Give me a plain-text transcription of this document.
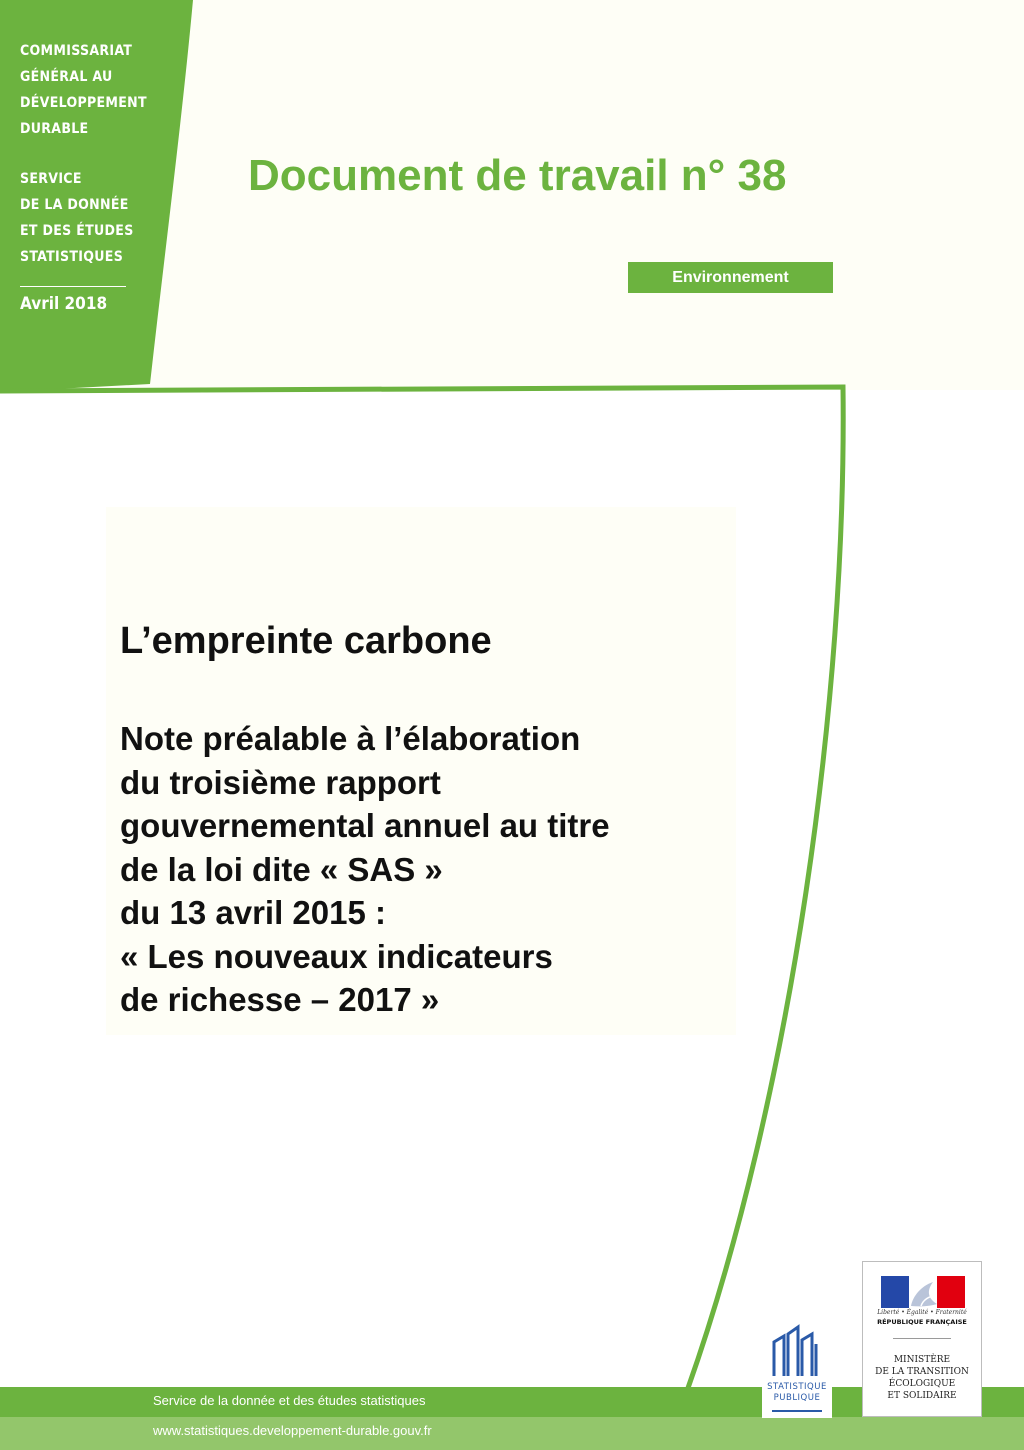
COMMISSARIAT
GÉNÉRAL AU
DÉVELOPPEMENT
DURABLE
SERVICE
DE LA DONNÉE
ET DES ÉTUDES
STATISTIQUES
Avril 2018
Document de travail n° 38
Environnement
L’empreinte carbone
Note préalable à l’élaboration
du troisième rapport
gouvernemental annuel au titre
de la loi dite « SAS »
du 13 avril 2015 :
« Les nouveaux indicateurs
de richesse – 2017 »
Service de la donnée et des études statistiques
www.statistiques.developpement-durable.gouv.fr
STATISTIQUE
PUBLIQUE
Liberté • Égalité • Fraternité
RÉPUBLIQUE FRANÇAISE
MINISTÈRE
DE LA TRANSITION
ÉCOLOGIQUE
ET SOLIDAIRE
